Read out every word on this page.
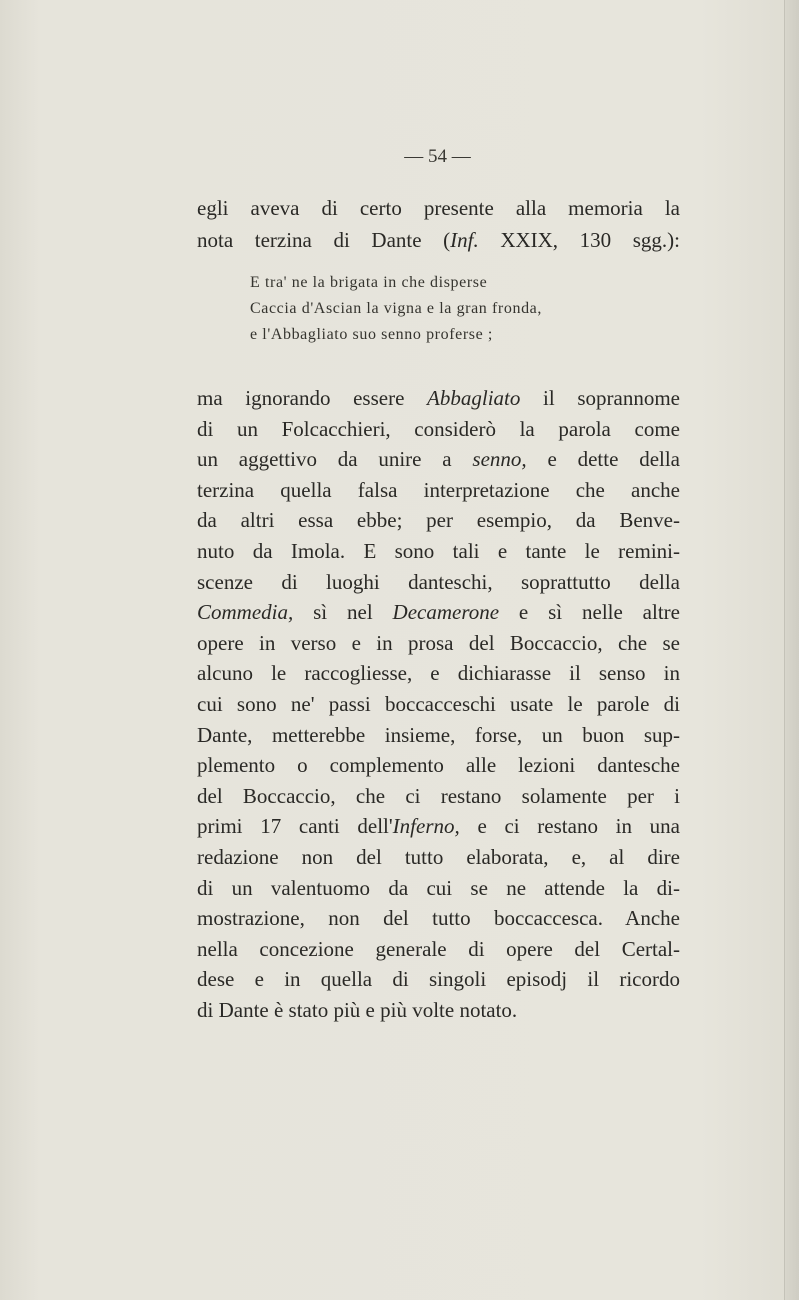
— 54 —
egli aveva di certo presente alla memoria la
nota terzina di Dante (Inf. XXIX, 130 sgg.):
E tra' ne la brigata in che disperse
Caccia d'Ascian la vigna e la gran fronda,
e l'Abbagliato suo senno proferse ;
ma ignorando essere Abbagliato il soprannome
di un Folcacchieri, considerò la parola come
un aggettivo da unire a senno, e dette della
terzina quella falsa interpretazione che anche
da altri essa ebbe; per esempio, da Benve-
nuto da Imola. E sono tali e tante le remini-
scenze di luoghi danteschi, soprattutto della
Commedia, sì nel Decamerone e sì nelle altre
opere in verso e in prosa del Boccaccio, che se
alcuno le raccogliesse, e dichiarasse il senso in
cui sono ne' passi boccacceschi usate le parole di
Dante, metterebbe insieme, forse, un buon sup-
plemento o complemento alle lezioni dantesche
del Boccaccio, che ci restano solamente per i
primi 17 canti dell'Inferno, e ci restano in una
redazione non del tutto elaborata, e, al dire
di un valentuomo da cui se ne attende la di-
mostrazione, non del tutto boccaccesca. Anche
nella concezione generale di opere del Certal-
dese e in quella di singoli episodj il ricordo
di Dante è stato più e più volte notato.
